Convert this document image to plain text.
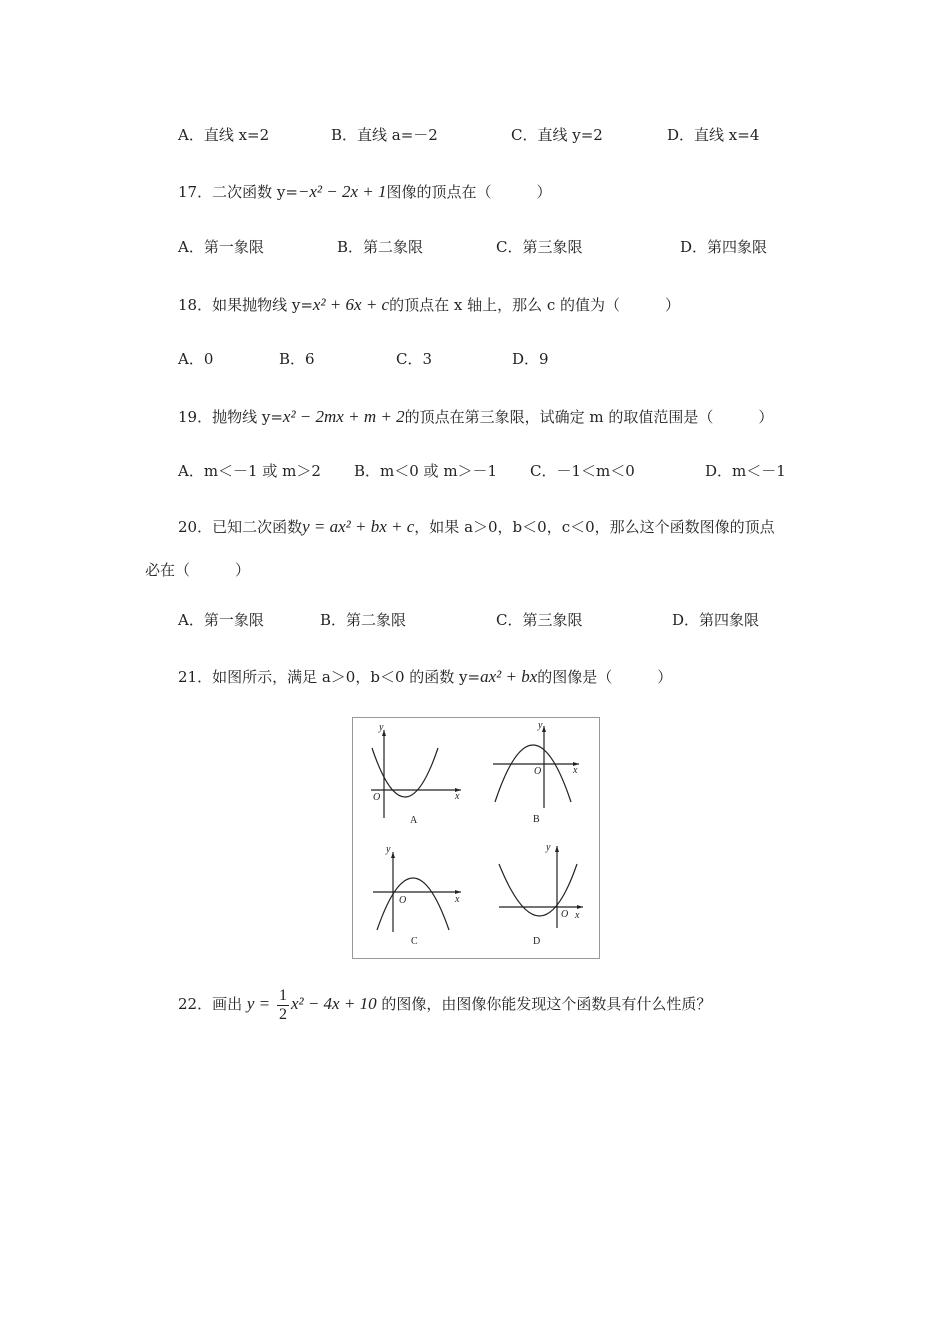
A．直线 x=2	B．直线 a=－2	C．直线 y=2	D．直线 x=4
17．二次函数 y=−x² − 2x + 1图像的顶点在（　　　）
A．第一象限	B．第二象限	C．第三象限	D．第四象限
18．如果抛物线 y=x² + 6x + c的顶点在 x 轴上，那么 c 的值为（　　　）
A．0	B．6	C．3	D．9
19．抛物线 y=x² − 2mx + m + 2的顶点在第三象限，试确定 m 的取值范围是（　　　）
A．m＜－1 或 m＞2 B．m＜0 或 m＞－1 C．－1＜m＜0	D．m＜－1
20．已知二次函数y = ax² + bx + c，如果 a＞0，b＜0，c＜0，那么这个函数图像的顶点
必在（　　　）
A．第一象限	B．第二象限	C．第三象限	D．第四象限
21．如图所示，满足 a＞0，b＜0 的函数 y=ax² + bx的图像是（　　　）
y
x
O
A
y
x
O
B
y
x
O
C
y
x
O
D
22．画出 $y = \frac{1}{2} x^2 - 4x + 10$ 的图像，由图像你能发现这个函数具有什么性质？
